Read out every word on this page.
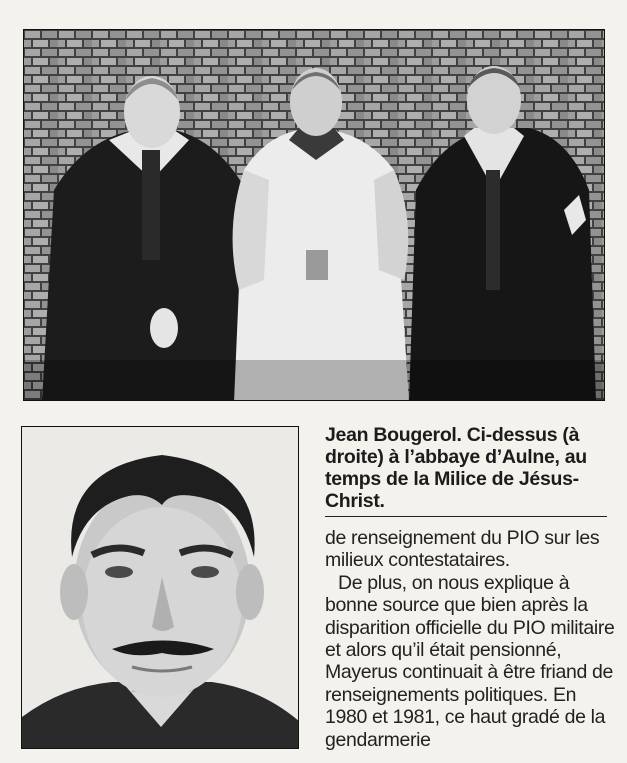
Jean Bougerol. Ci-dessus (à droite) à l’abbaye d’Aulne, au temps de la Milice de Jésus-Christ.

de renseignement du PIO sur les milieux contestataires.

De plus, on nous explique à bonne source que bien après la disparition officielle du PIO militaire et alors qu’il était pensionné, Mayerus continuait à être friand de renseignements politiques. En 1980 et 1981, ce haut gradé de la gendarmerie
